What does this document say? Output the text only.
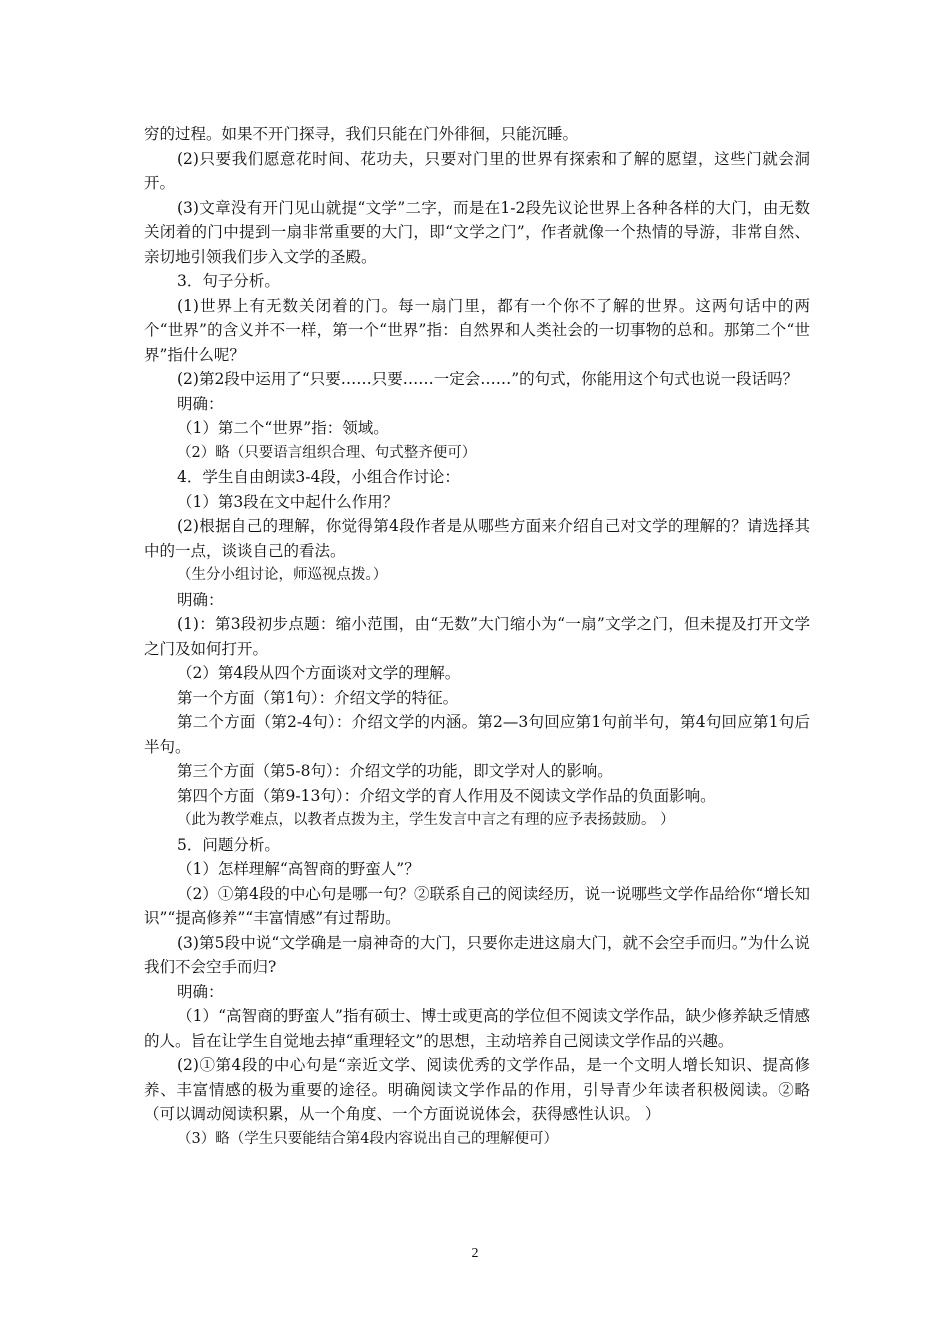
穷的过程。如果不开门探寻，我们只能在门外徘徊，只能沉睡。

(2)只要我们愿意花时间、花功夫，只要对门里的世界有探索和了解的愿望，这些门就会洞开。

(3)文章没有开门见山就提“文学”二字，而是在1-2段先议论世界上各种各样的大门，由无数关闭着的门中提到一扇非常重要的大门，即“文学之门”，作者就像一个热情的导游，非常自然、亲切地引领我们步入文学的圣殿。

3．句子分析。

(1)世界上有无数关闭着的门。每一扇门里，都有一个你不了解的世界。这两句话中的两个“世界”的含义并不一样，第一个“世界”指：自然界和人类社会的一切事物的总和。那第二个“世界”指什么呢？

(2)第2段中运用了“只要……只要……一定会……”的句式，你能用这个句式也说一段话吗？

明确：

（1）第二个“世界”指：领域。

（2）略（只要语言组织合理、句式整齐便可）

4．学生自由朗读3-4段，小组合作讨论：

（1）第3段在文中起什么作用？

(2)根据自己的理解，你觉得第4段作者是从哪些方面来介绍自己对文学的理解的？请选择其中的一点，谈谈自己的看法。

（生分小组讨论，师巡视点拨。）

明确：

(1)：第3段初步点题：缩小范围，由“无数”大门缩小为“一扇”文学之门，但未提及打开文学之门及如何打开。

（2）第4段从四个方面谈对文学的理解。

第一个方面（第1句）：介绍文学的特征。

第二个方面（第2-4句）：介绍文学的内涵。第2—3句回应第1句前半句，第4句回应第1句后半句。

第三个方面（第5-8句）：介绍文学的功能，即文学对人的影响。

第四个方面（第9-13句）：介绍文学的育人作用及不阅读文学作品的负面影响。

（此为教学难点，以教者点拨为主，学生发言中言之有理的应予表扬鼓励。 ）

5．问题分析。

（1）怎样理解“高智商的野蛮人”？

（2）①第4段的中心句是哪一句？②联系自己的阅读经历，说一说哪些文学作品给你“增长知识”“提高修养”“丰富情感”有过帮助。

(3)第5段中说“文学确是一扇神奇的大门，只要你走进这扇大门，就不会空手而归。”为什么说我们不会空手而归?

明确：

（1）“高智商的野蛮人”指有硕士、博士或更高的学位但不阅读文学作品，缺少修养缺乏情感的人。旨在让学生自觉地去掉“重理轻文”的思想，主动培养自己阅读文学作品的兴趣。

(2)①第4段的中心句是“亲近文学、阅读优秀的文学作品，是一个文明人增长知识、提高修养、丰富情感的极为重要的途径。明确阅读文学作品的作用，引导青少年读者积极阅读。②略（可以调动阅读积累，从一个角度、一个方面说说体会，获得感性认识。 ）

（3）略（学生只要能结合第4段内容说出自己的理解便可）

2
